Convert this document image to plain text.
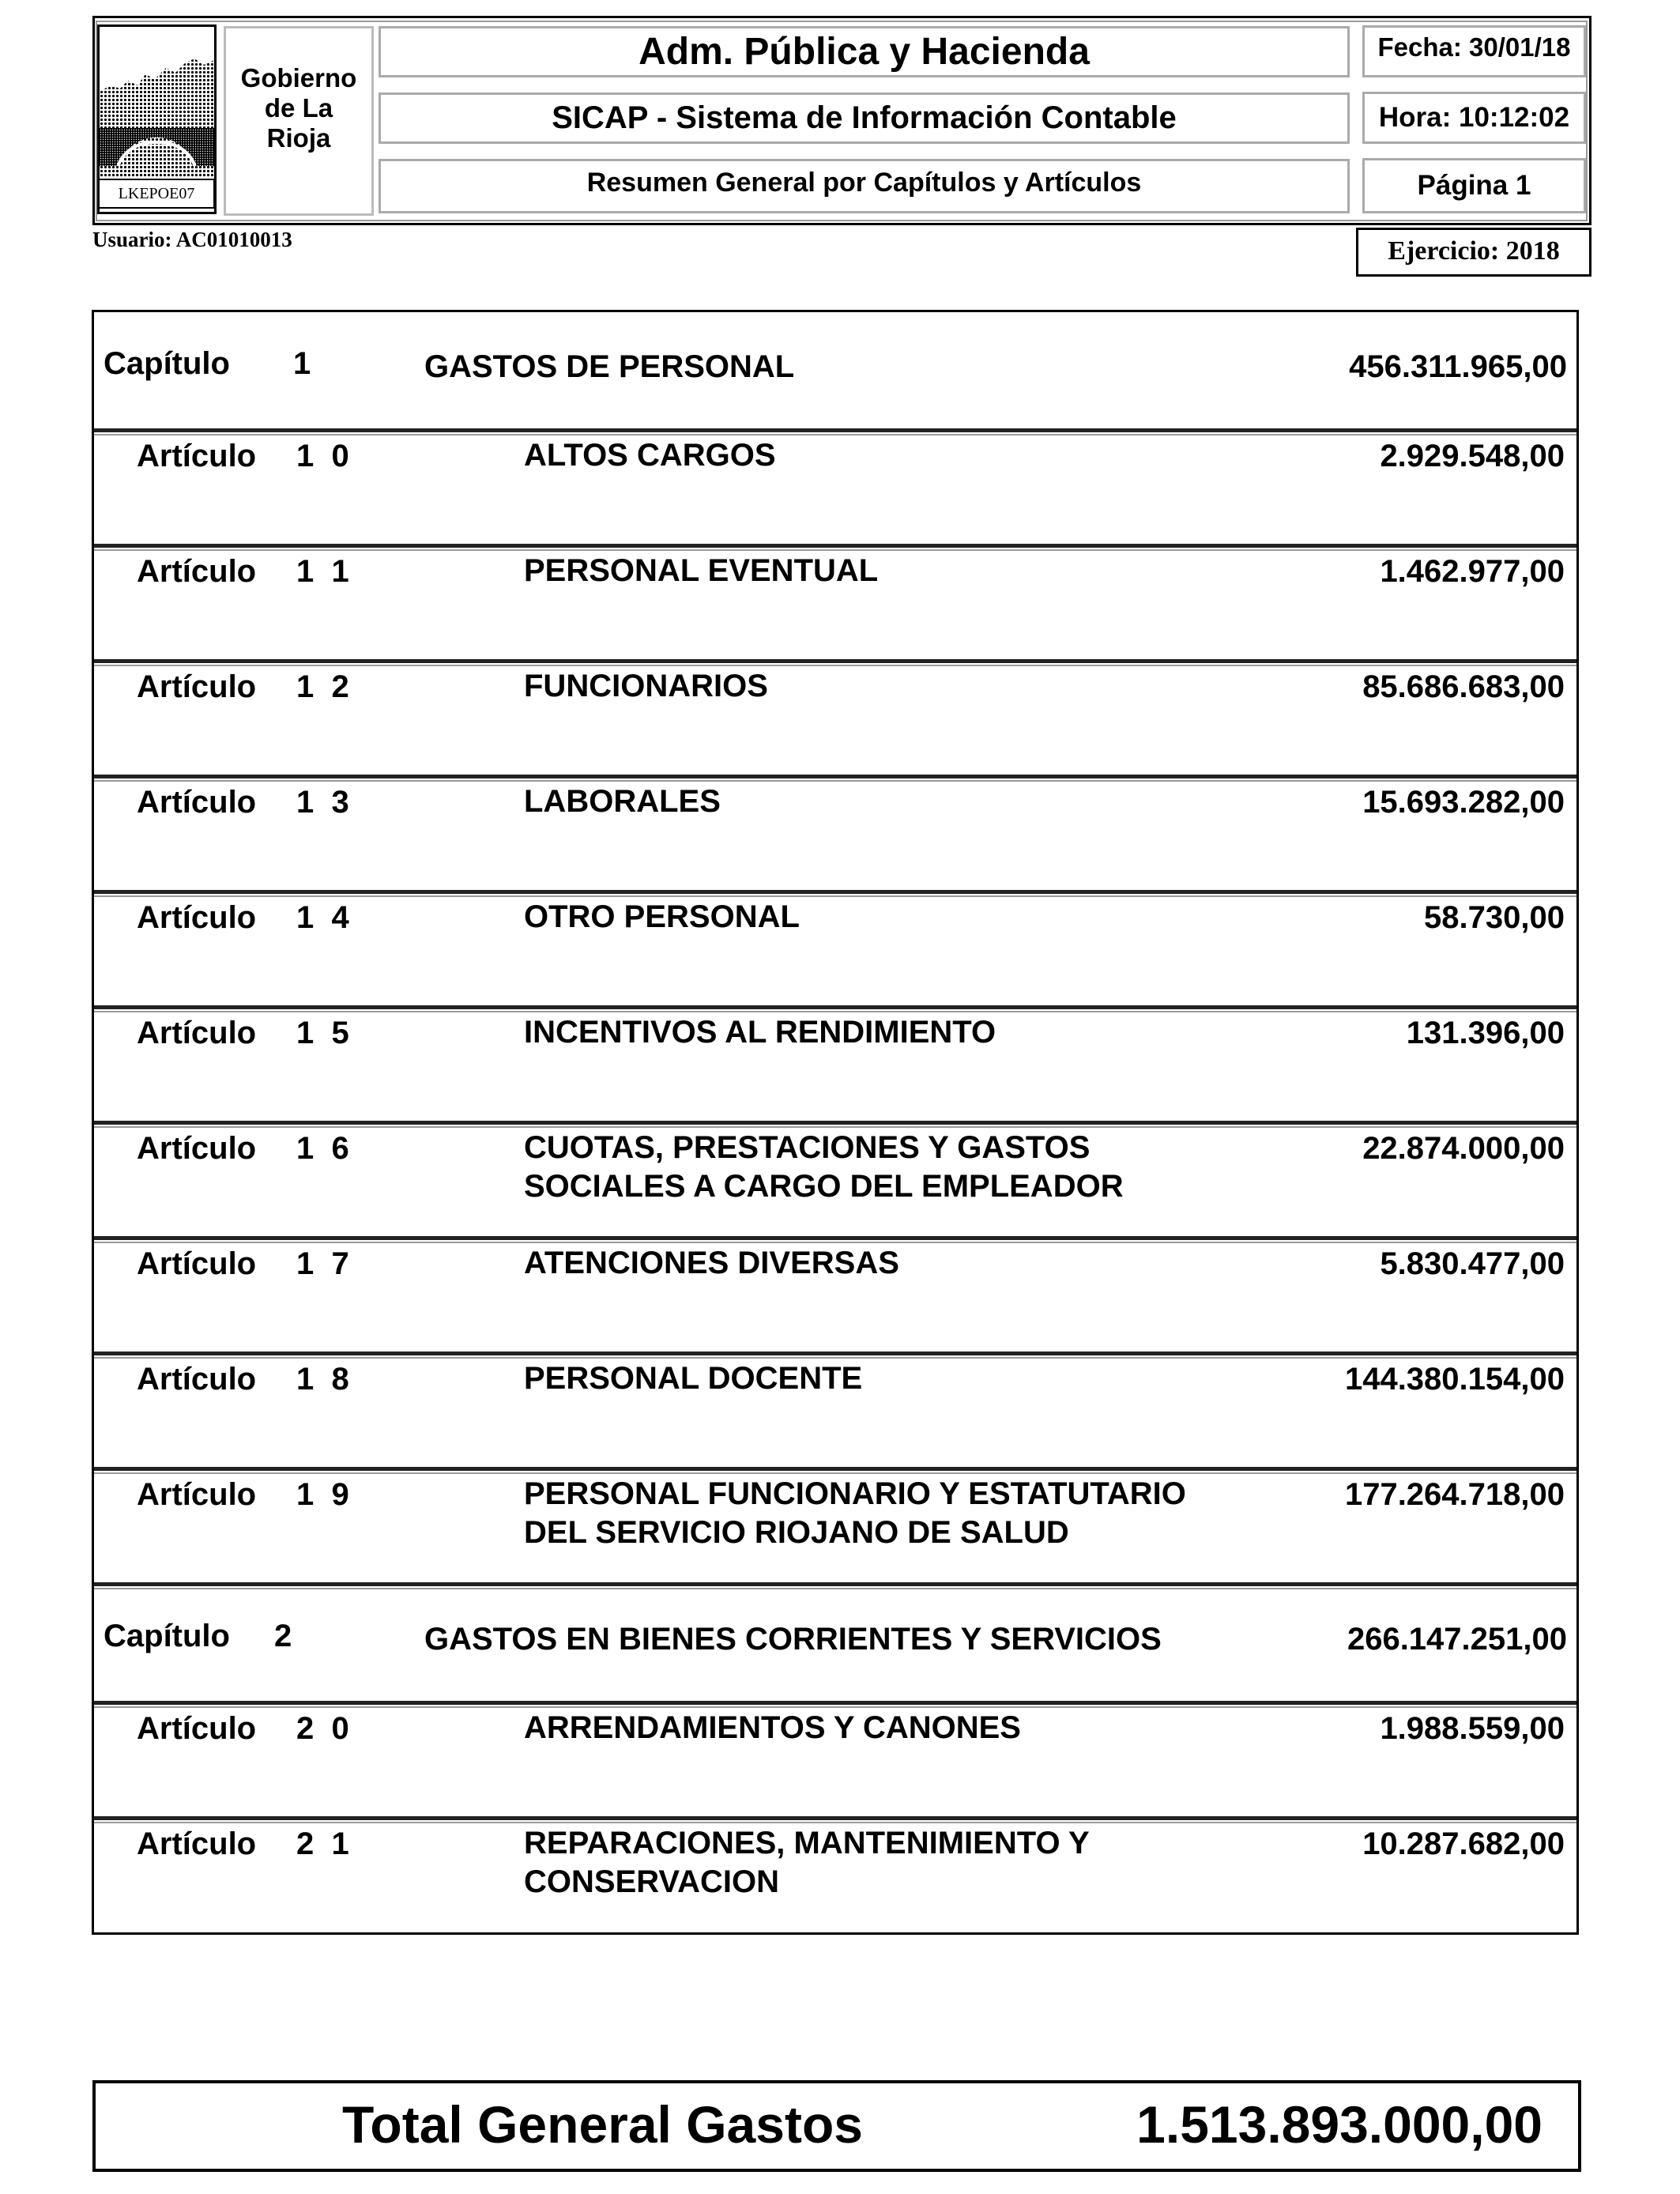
LKEPOE07
Gobierno
de La
Rioja
Adm. Pública y Hacienda
SICAP - Sistema de Información Contable
Resumen General por Capítulos y Artículos
Fecha: 30/01/18
Hora: 10:12:02
Página 1
Usuario: AC01010013	Ejercicio: 2018
Capítulo 1	GASTOS DE PERSONAL	456.311.965,00
Artículo 1  0	ALTOS CARGOS	2.929.548,00
Artículo 1  1	PERSONAL EVENTUAL	1.462.977,00
Artículo 1  2	FUNCIONARIOS	85.686.683,00
Artículo 1  3	LABORALES	15.693.282,00
Artículo 1  4	OTRO PERSONAL	58.730,00
Artículo 1  5	INCENTIVOS AL RENDIMIENTO	131.396,00
Artículo 1  6	CUOTAS, PRESTACIONES Y GASTOS
SOCIALES A CARGO DEL EMPLEADOR
22.874.000,00
Artículo 1  7	ATENCIONES DIVERSAS	5.830.477,00
Artículo 1  8	PERSONAL DOCENTE	144.380.154,00
Artículo 1  9	PERSONAL FUNCIONARIO Y ESTATUTARIO
DEL SERVICIO RIOJANO DE SALUD
177.264.718,00
Capítulo 2	GASTOS EN BIENES CORRIENTES Y SERVICIOS	266.147.251,00
Artículo 2  0	ARRENDAMIENTOS Y CANONES	1.988.559,00
Artículo 2  1	REPARACIONES, MANTENIMIENTO Y
CONSERVACION
10.287.682,00
Total General Gastos	1.513.893.000,00
